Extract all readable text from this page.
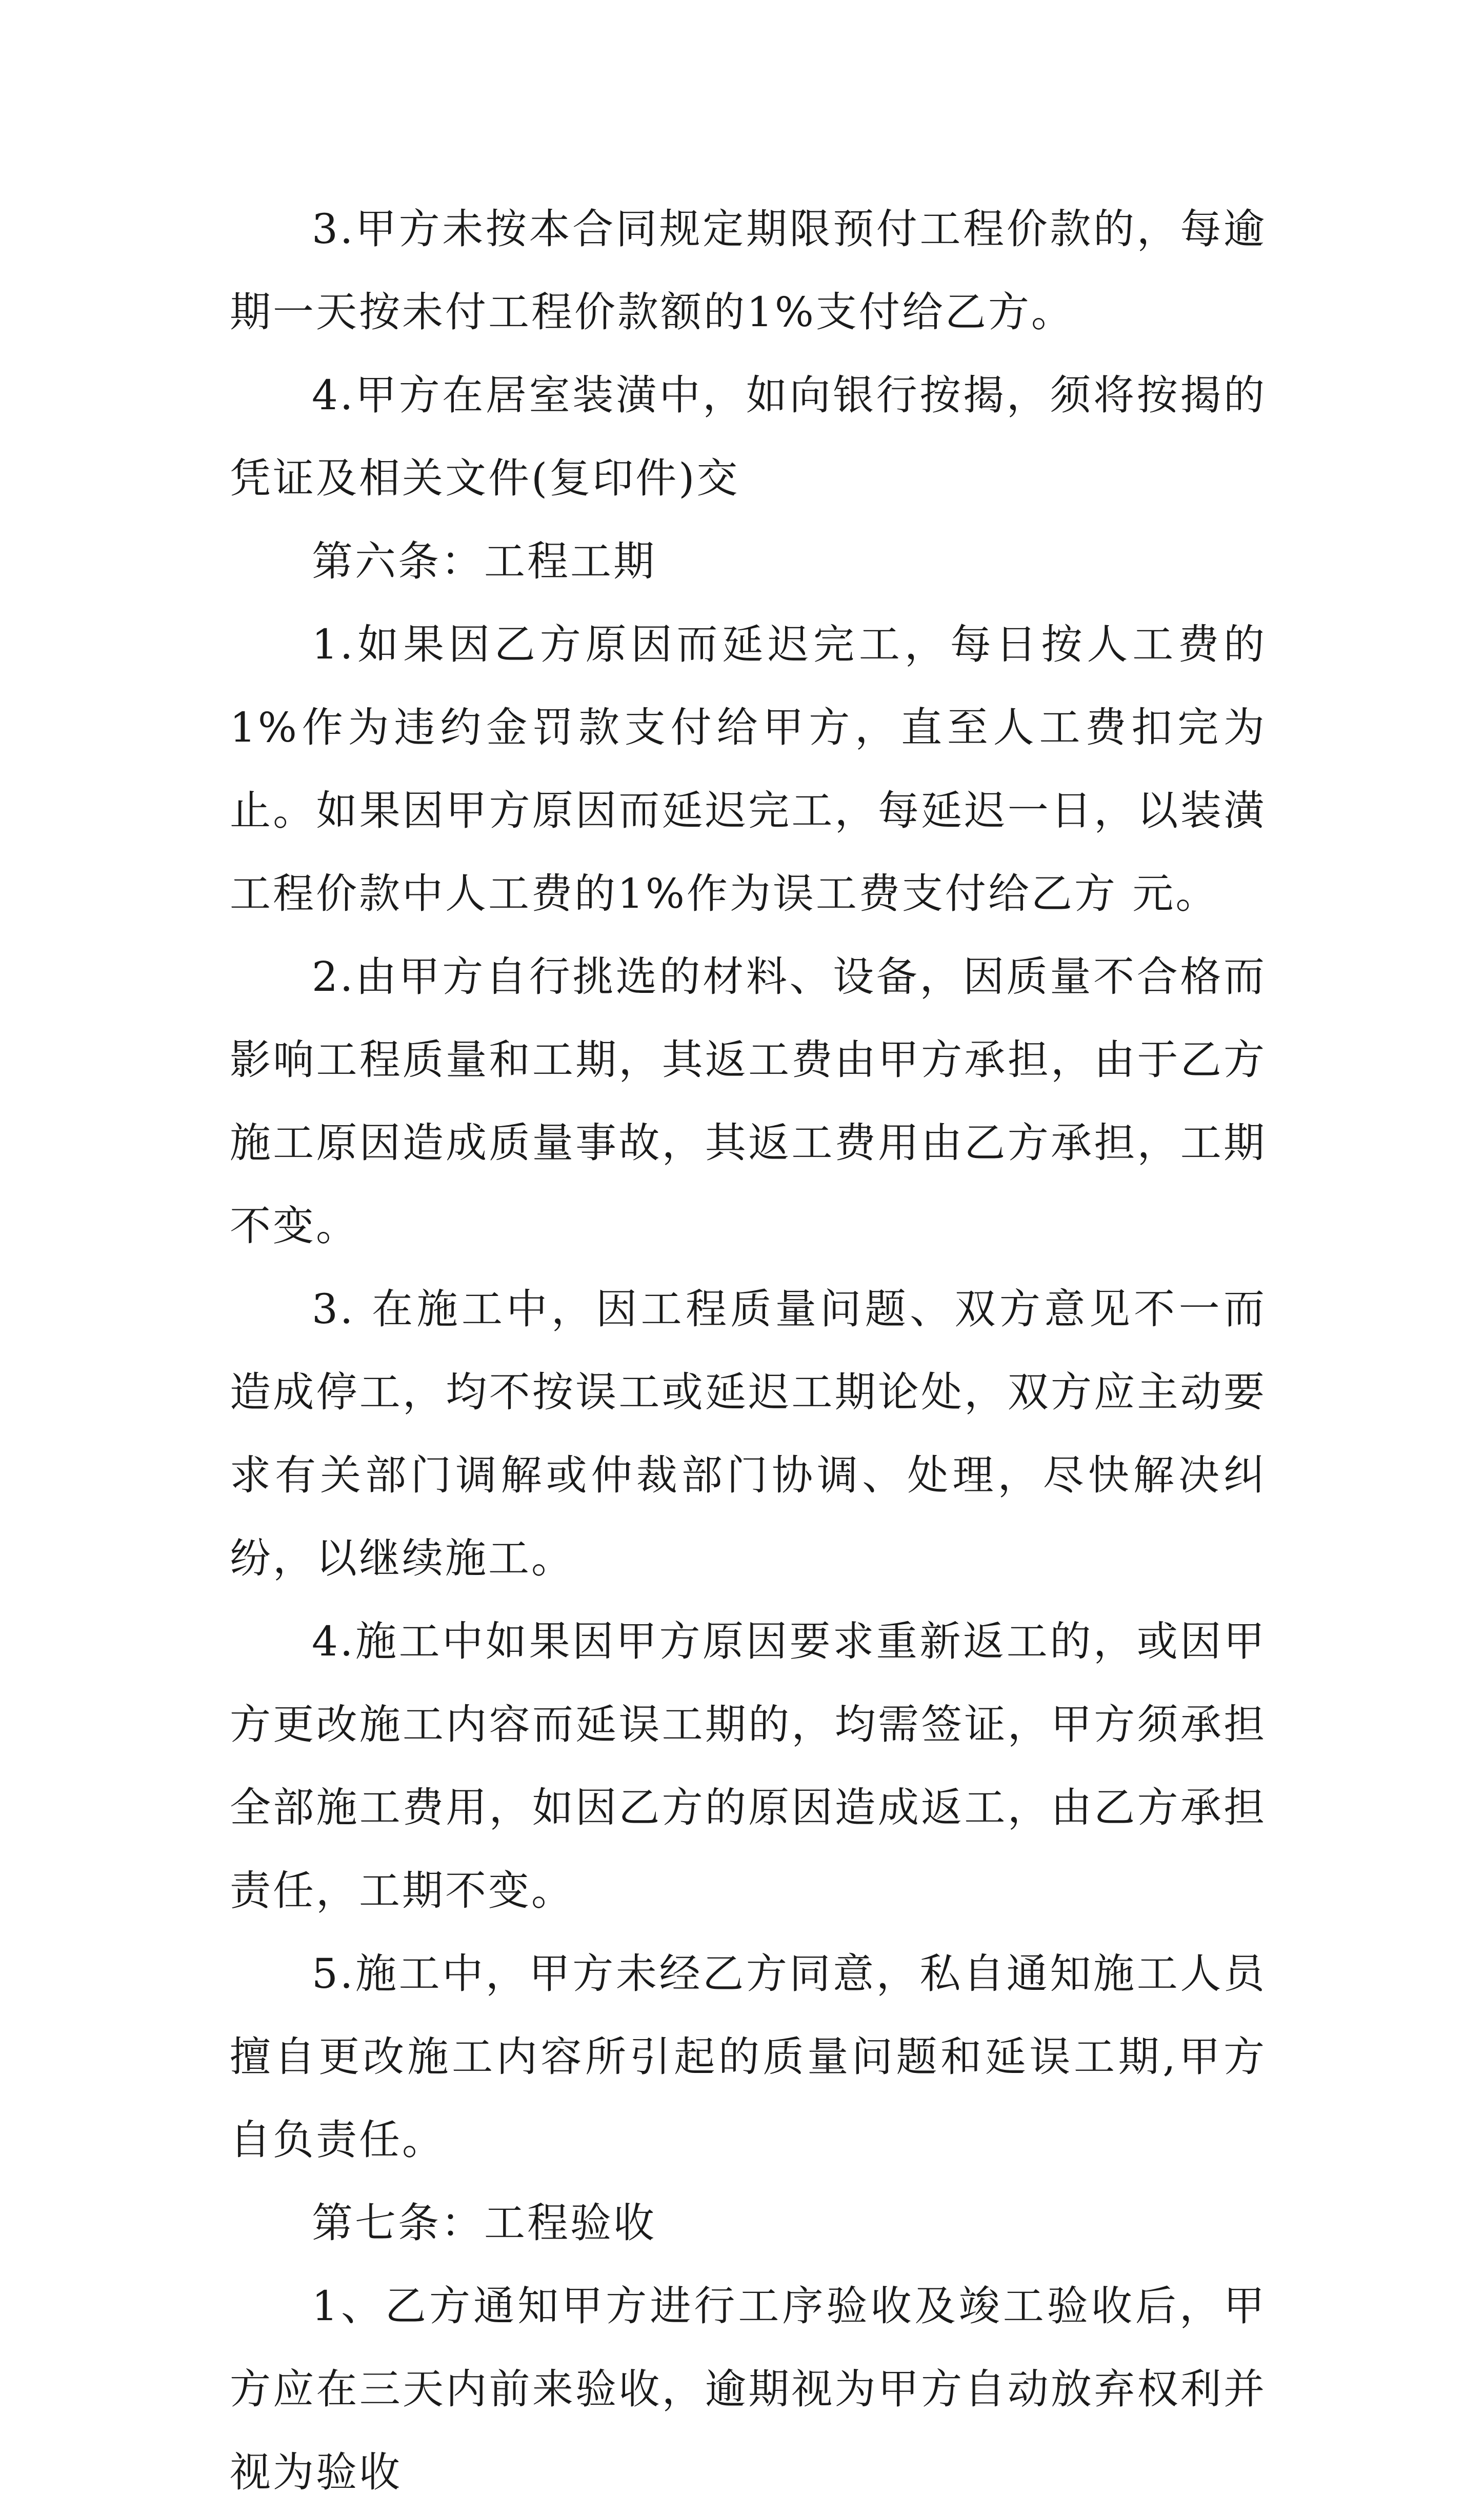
3.甲方未按本合同规定期限预付工程价款的，每逾期一天按未付工程价款额的1%支付给乙方。

4.甲方在居室装潢中，如向银行按揭，须将按揭的凭证及相关文件(复印件)交

第六条：工程工期

1.如果因乙方原因而延迟完工，每日按人工费的1%作为违约金罚款支付给甲方，直至人工费扣完为止。如果因甲方原因而延迟完工，每延迟一日，以装潢工程价款中人工费的1%作为误工费支付给乙方 元。

2.由甲方自行挑选的材料、设备，因质量不合格而影响工程质量和工期，其返工费由甲方承担，由于乙方施工原因造成质量事故，其返工费用由乙方承担，工期不变。

3. 在施工中，因工程质量问题、双方意见不一而造成停工，均不按误工或延迟工期论处，双方应主动要求有关部门调解或仲裁部门协调、处理，尽快解决纠纷，以继续施工。

4.施工中如果因甲方原因要求重新返工的，或因甲方更改施工内容而延误工期的，均需签证，甲方须承担全部施工费用，如因乙方的原因造成返工，由乙方承担责任，工期不变。

5.施工中，甲方未经乙方同意，私自通知施工人员擅自更改施工内容所引起的质量问题和延误工期,甲方自负责任。

第七条：工程验收

1、乙方通知甲方进行工序验收及竣工验收后，甲方应在三天内前来验收，逾期视为甲方自动放弃权利并视为验收
